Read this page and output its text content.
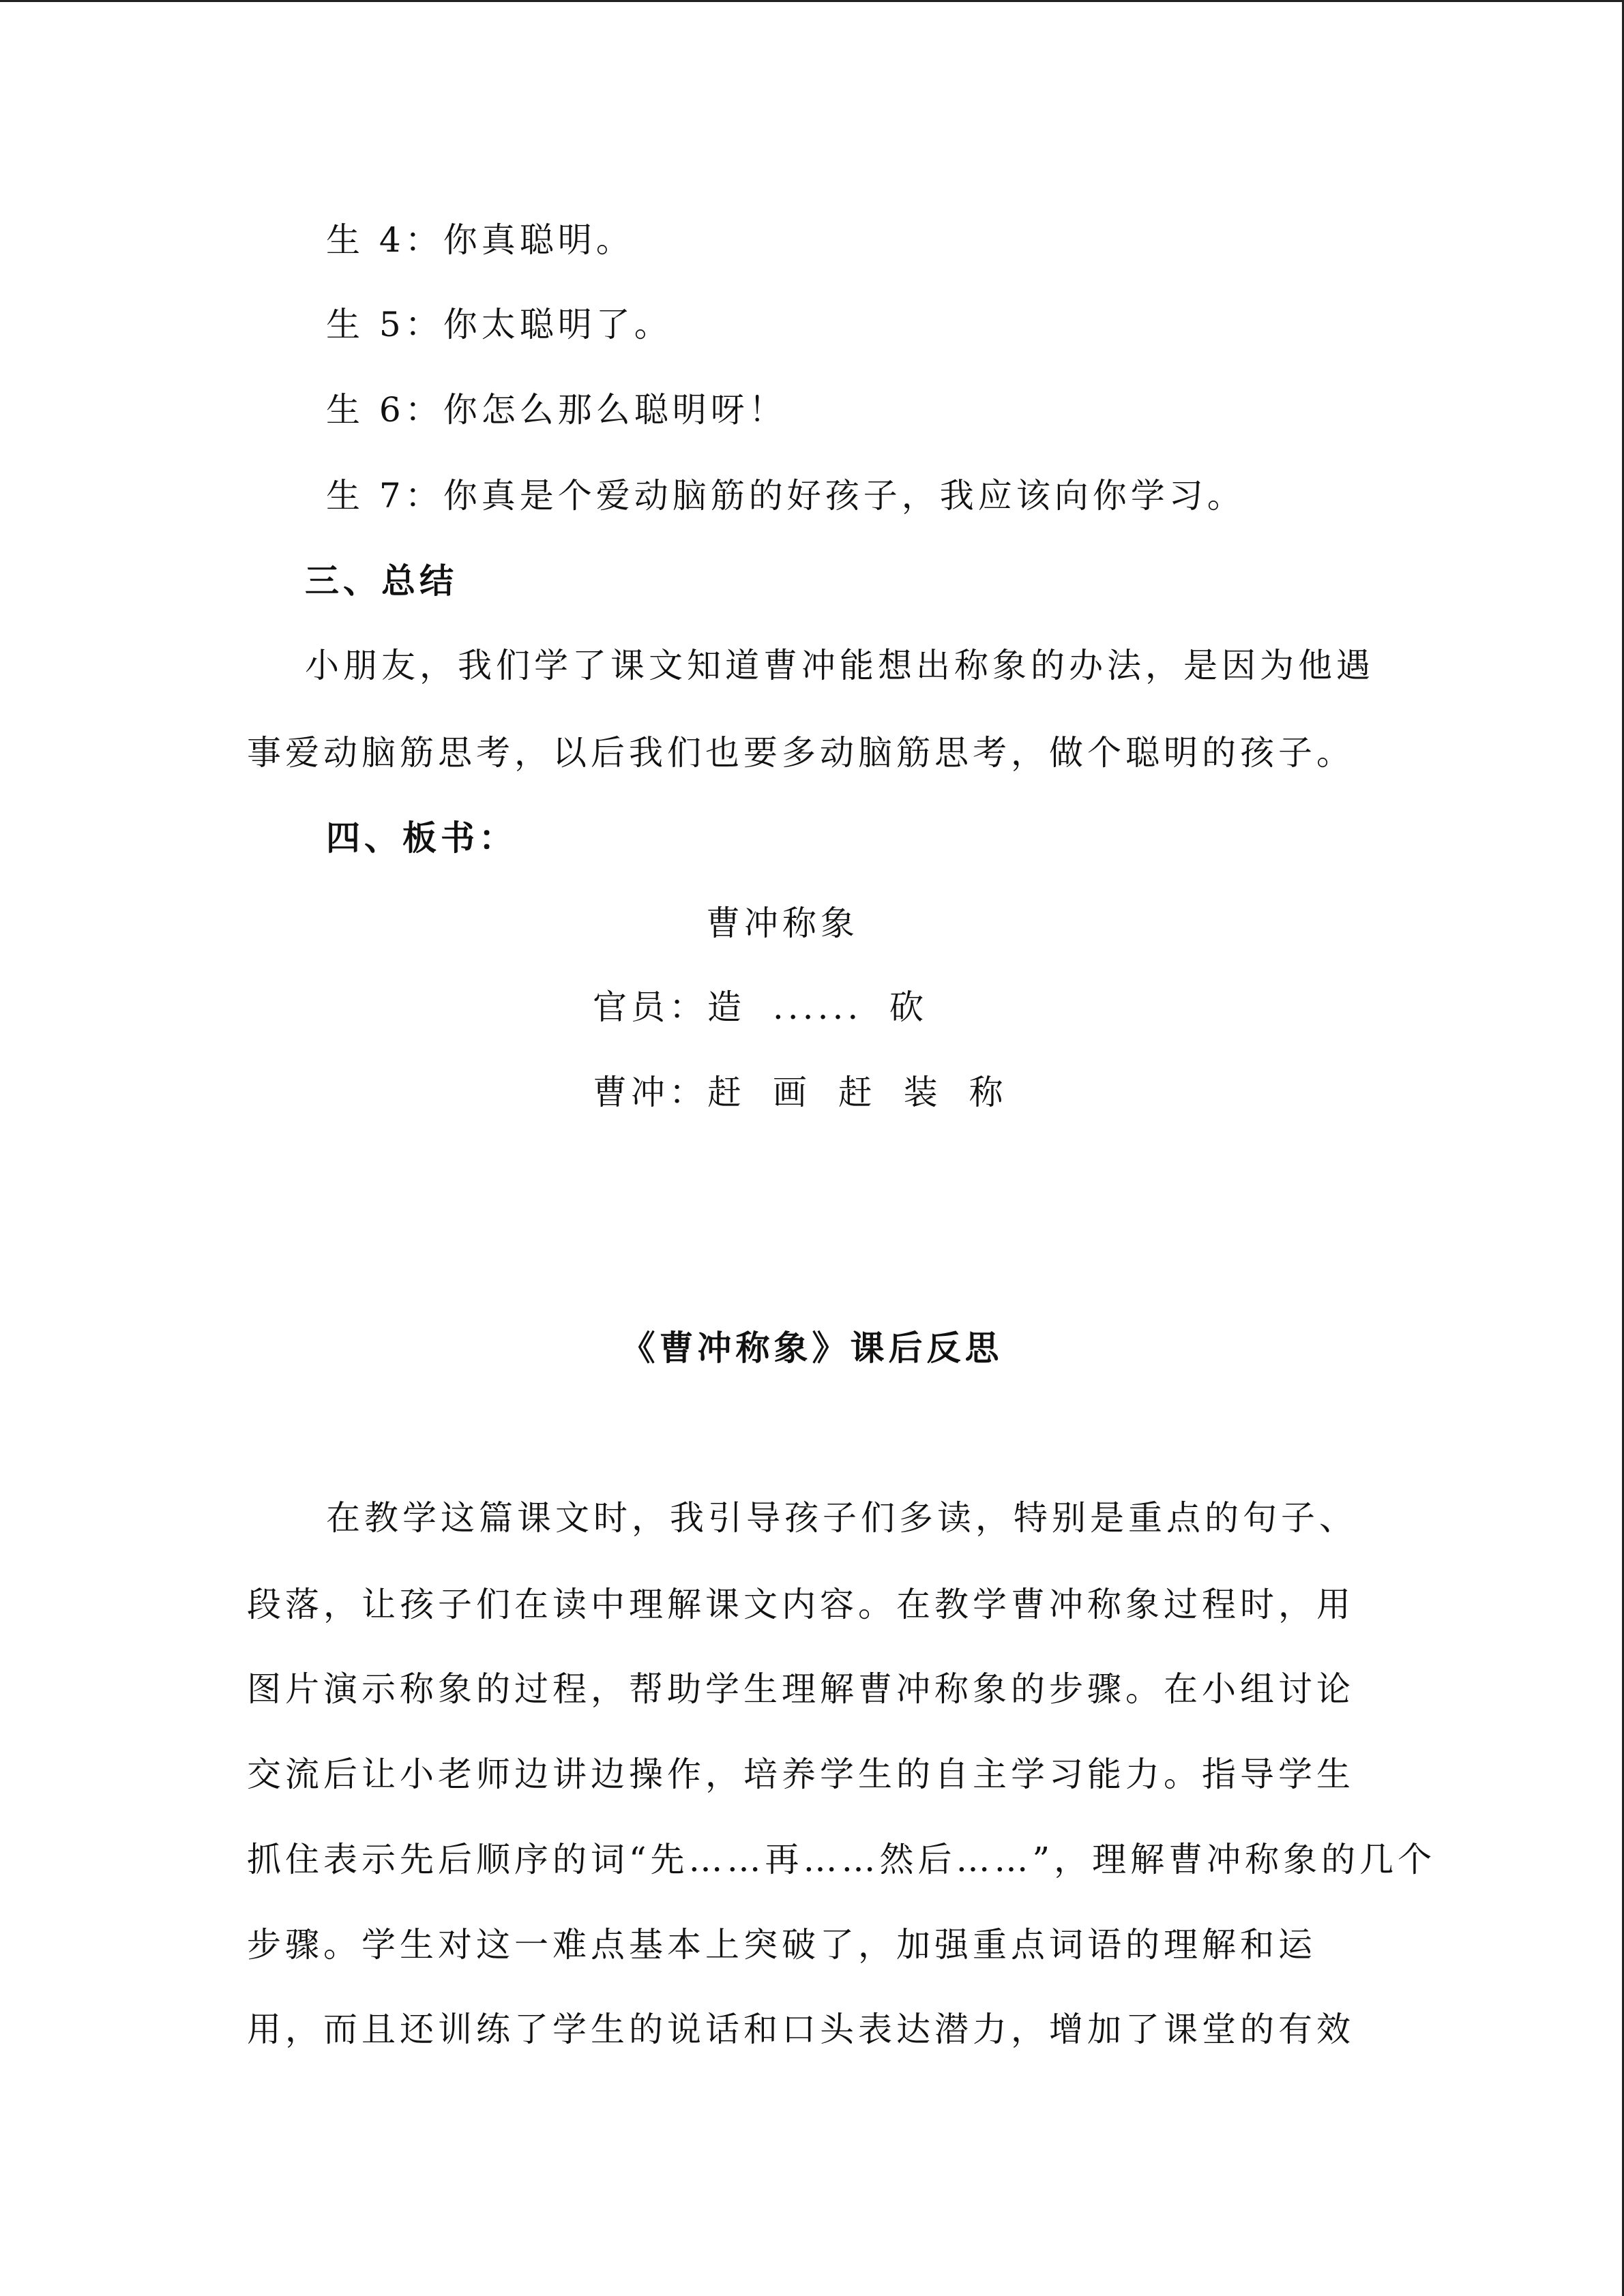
生 4：你真聪明。
生 5：你太聪明了。
生 6：你怎么那么聪明呀！
生 7：你真是个爱动脑筋的好孩子，我应该向你学习。
三、总结
小朋友，我们学了课文知道曹冲能想出称象的办法，是因为他遇
事爱动脑筋思考，以后我们也要多动脑筋思考，做个聪明的孩子。
四、板书：
曹冲称象
官员：造 ...... 砍
曹冲：赶 画 赶 装 称
《曹冲称象》课后反思
在教学这篇课文时，我引导孩子们多读，特别是重点的句子、
段落，让孩子们在读中理解课文内容。在教学曹冲称象过程时，用
图片演示称象的过程，帮助学生理解曹冲称象的步骤。在小组讨论
交流后让小老师边讲边操作，培养学生的自主学习能力。指导学生
抓住表示先后顺序的词“先……再……然后……”，理解曹冲称象的几个
步骤。学生对这一难点基本上突破了，加强重点词语的理解和运
用，而且还训练了学生的说话和口头表达潜力，增加了课堂的有效
